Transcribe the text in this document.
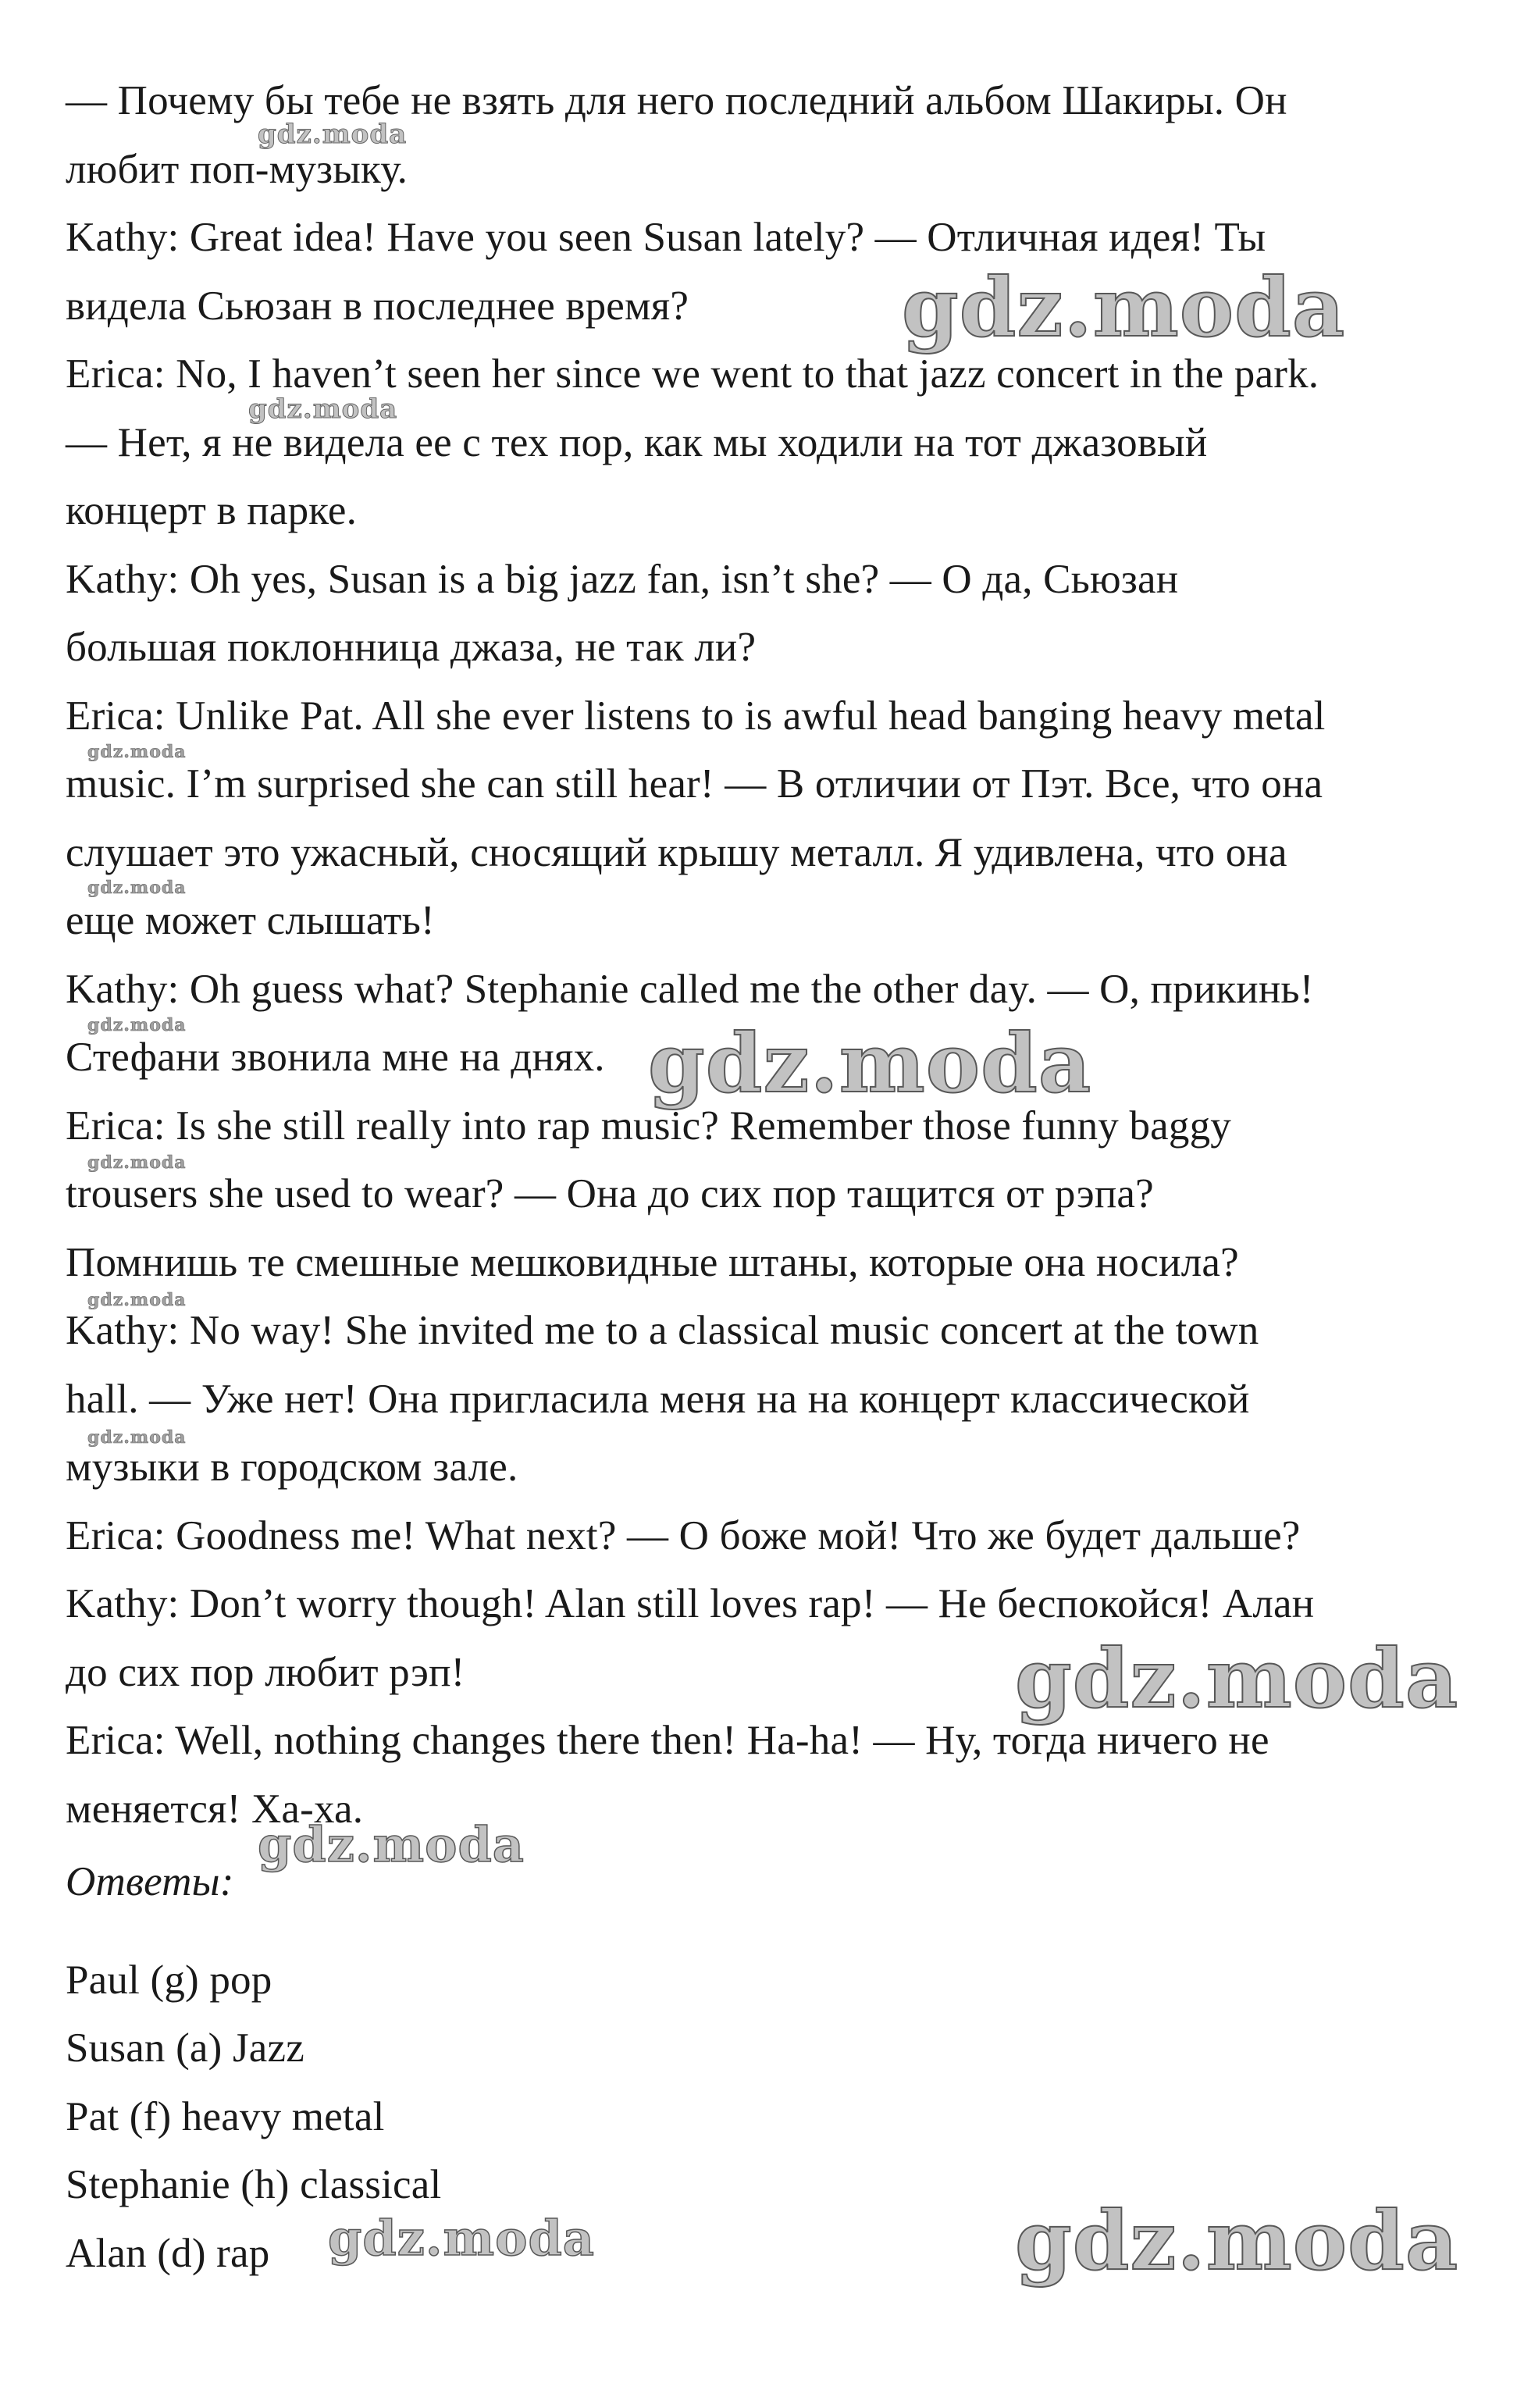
— Почему бы тебе не взять для него последний альбом Шакиры. Он
любит поп-музыку.
Kathy: Great idea! Have you seen Susan lately? — Отличная идея! Ты
видела Сьюзан в последнее время?
Erica: No, I haven’t seen her since we went to that jazz concert in the park.
— Нет, я не видела ее с тех пор, как мы ходили на тот джазовый
концерт в парке.
Kathy: Oh yes, Susan is a big jazz fan, isn’t she? — О да, Сьюзан
большая поклонница джаза, не так ли?
Erica: Unlike Pat. All she ever listens to is awful head banging heavy metal
music. I’m surprised she can still hear! — В отличии от Пэт. Все, что она
слушает это ужасный, сносящий крышу металл. Я удивлена, что она
еще может слышать!
Kathy: Oh guess what? Stephanie called me the other day. — О, прикинь!
Стефани звонила мне на днях.
Erica: Is she still really into rap music? Remember those funny baggy
trousers she used to wear? — Она до сих пор тащится от рэпа?
Помнишь те смешные мешковидные штаны, которые она носила?
Kathy: No way! She invited me to a classical music concert at the town
hall. — Уже нет! Она пригласила меня на на концерт классической
музыки в городском зале.
Erica: Goodness me! What next? — О боже мой! Что же будет дальше?
Kathy: Don’t worry though! Alan still loves rap! — Не беспокойся! Алан
до сих пор любит рэп!
Erica: Well, nothing changes there then! Ha-ha! — Ну, тогда ничего не
меняется! Ха-ха.
Ответы:
Paul (g) pop
Susan (a) Jazz
Pat (f) heavy metal
Stephanie (h) classical
Alan (d) rap
gdz.moda
gdz.moda
gdz.moda
gdz.moda
gdz.moda
gdz.moda	gdz.moda
gdz.moda
gdz.moda
gdz.moda
gdz.moda
gdz.moda
gdz.moda
gdz.moda
